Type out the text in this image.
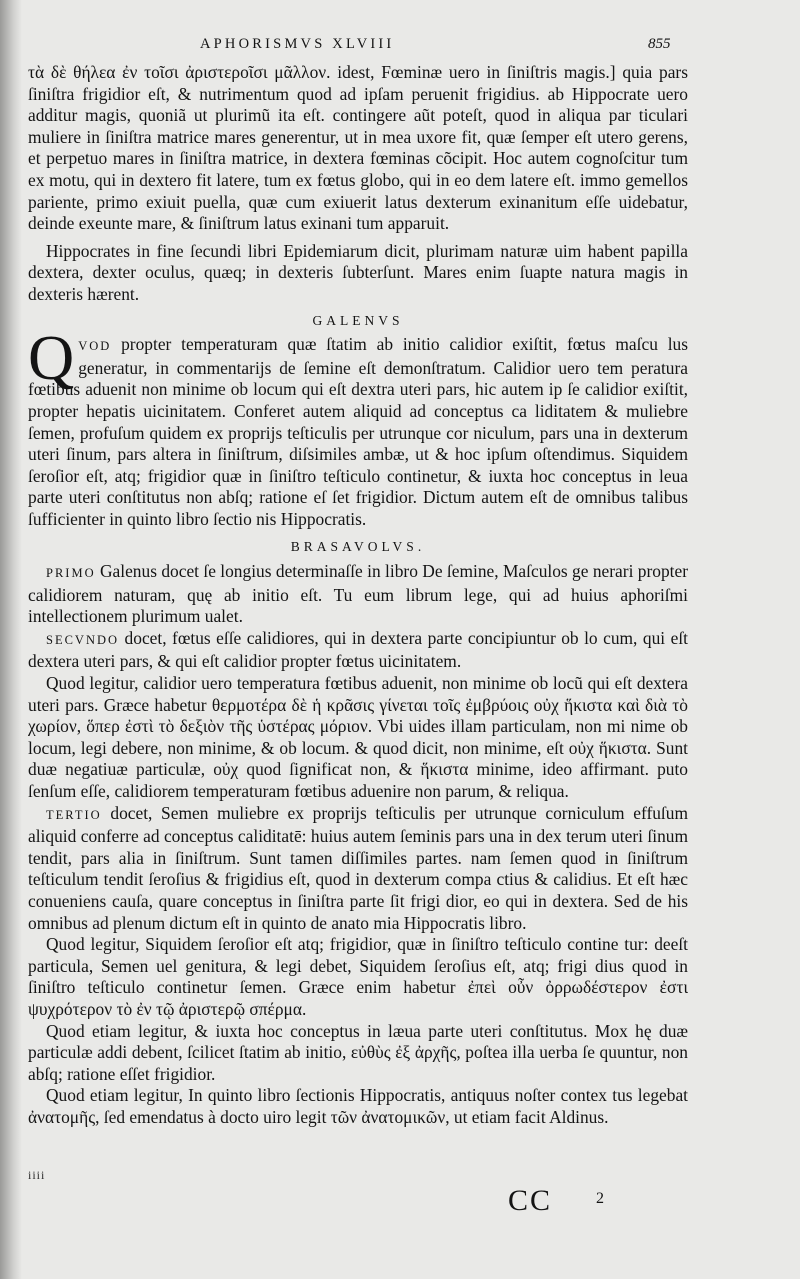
APHORISMVS XLVIII	855

τὰ δὲ θήλεα ἐν τοῖσι ἀριστεροῖσι μᾶλλον. idest, Fœminæ uero in ſiniſtris magis.] quia pars ſiniſtra frigidior eſt, & nutrimentum quod ad ipſam peruenit frigidius. ab Hippocrate uero additur magis, quoniã ut plurimũ ita eſt. contingere aũt poteſt, quod in aliqua par ticulari muliere in ſiniſtra matrice mares generentur, ut in mea uxore fit, quæ ſemper eſt utero gerens, et perpetuo mares in ſiniſtra matrice, in dextera fœminas cõcipit. Hoc autem cognoſcitur tum ex motu, qui in dextero fit latere, tum ex fœtus globo, qui in eo dem latere eſt. immo gemellos pariente, primo exiuit puella, quæ cum exiuerit latus dexterum exinanitum eſſe uidebatur, deinde exeunte mare, & ſiniſtrum latus exinani tum apparuit.

Hippocrates in fine ſecundi libri Epidemiarum dicit, plurimam naturæ uim habent papilla dextera, dexter oculus, quæq; in dexteris ſubterſunt. Mares enim ſuapte natura magis in dexteris hærent.

GALENVS

QVOD propter temperaturam quæ ſtatim ab initio calidior exiſtit, fœtus maſcu lus generatur, in commentarijs de ſemine eſt demonſtratum. Calidior uero tem peratura fœtibus aduenit non minime ob locum qui eſt dextra uteri pars, hic autem ip ſe calidior exiſtit, propter hepatis uicinitatem. Conferet autem aliquid ad conceptus ca liditatem & muliebre ſemen, profuſum quidem ex proprijs teſticulis per utrunque cor niculum, pars una in dexterum uteri ſinum, pars altera in ſiniſtrum, diſsimiles ambæ, ut & hoc ipſum oſtendimus. Siquidem ſeroſior eſt, atq; frigidior quæ in ſiniſtro teſticulo continetur, & iuxta hoc conceptus in leua parte uteri conſtitutus non abſq; ratione eſ ſet frigidior. Dictum autem eſt de omnibus talibus ſufficienter in quinto libro ſectio nis Hippocratis.

BRASAVOLVS.

PRIMO Galenus docet ſe longius determinaſſe in libro De ſemine, Maſculos ge nerari propter calidiorem naturam, quę ab initio eſt. Tu eum librum lege, qui ad huius aphoriſmi intellectionem plurimum ualet.

SECVNDO docet, fœtus eſſe calidiores, qui in dextera parte concipiuntur ob lo cum, qui eſt dextera uteri pars, & qui eſt calidior propter fœtus uicinitatem.

Quod legitur, calidior uero temperatura fœtibus aduenit, non minime ob locũ qui eſt dextera uteri pars. Græce habetur θερμοτέρα δὲ ἡ κρᾶσις γίνεται τοῖς ἐμβρύοις οὐχ ἥκιστα καὶ διὰ τὸ χωρίον, ὅπερ ἐστὶ τὸ δεξιὸν τῆς ὑστέρας μόριον. Vbi uides illam particulam, non mi nime ob locum, legi debere, non minime, & ob locum. & quod dicit, non minime, eſt οὐχ ἥκιστα. Sunt duæ negatiuæ particulæ, οὐχ quod ſignificat non, & ἥκιστα minime, ideo affirmant. puto ſenſum eſſe, calidiorem temperaturam fœtibus aduenire non parum, & reliqua.

TERTIO docet, Semen muliebre ex proprijs teſticulis per utrunque corniculum effuſum aliquid conferre ad conceptus caliditatē: huius autem ſeminis pars una in dex terum uteri ſinum tendit, pars alia in ſiniſtrum. Sunt tamen diſſimiles partes. nam ſemen quod in ſiniſtrum teſticulum tendit ſeroſius & frigidius eſt, quod in dexterum compa ctius & calidius. Et eſt hæc conueniens cauſa, quare conceptus in ſiniſtra parte ſit frigi dior, eo qui in dextera. Sed de his omnibus ad plenum dictum eſt in quinto de anato mia Hippocratis libro.

Quod legitur, Siquidem ſeroſior eſt atq; frigidior, quæ in ſiniſtro teſticulo contine tur: deeſt particula, Semen uel genitura, & legi debet, Siquidem ſeroſius eſt, atq; frigi dius quod in ſiniſtro teſticulo continetur ſemen. Græce enim habetur ἐπεὶ οὖν ὀρρωδέστερον ἐστι ψυχρότερον τὸ ἐν τῷ ἀριστερῷ σπέρμα.

Quod etiam legitur, & iuxta hoc conceptus in læua parte uteri conſtitutus. Mox hę duæ particulæ addi debent, ſcilicet ſtatim ab initio, εὐθὺς ἐξ ἀρχῆς, poſtea illa uerba ſe quuntur, non abſq; ratione eſſet frigidior.

Quod etiam legitur, In quinto libro ſectionis Hippocratis, antiquus noſter contex tus legebat ἀνατομῆς, ſed emendatus à docto uiro legit τῶν ἀνατομικῶν, ut etiam facit Aldinus.

iiii
CC	2
